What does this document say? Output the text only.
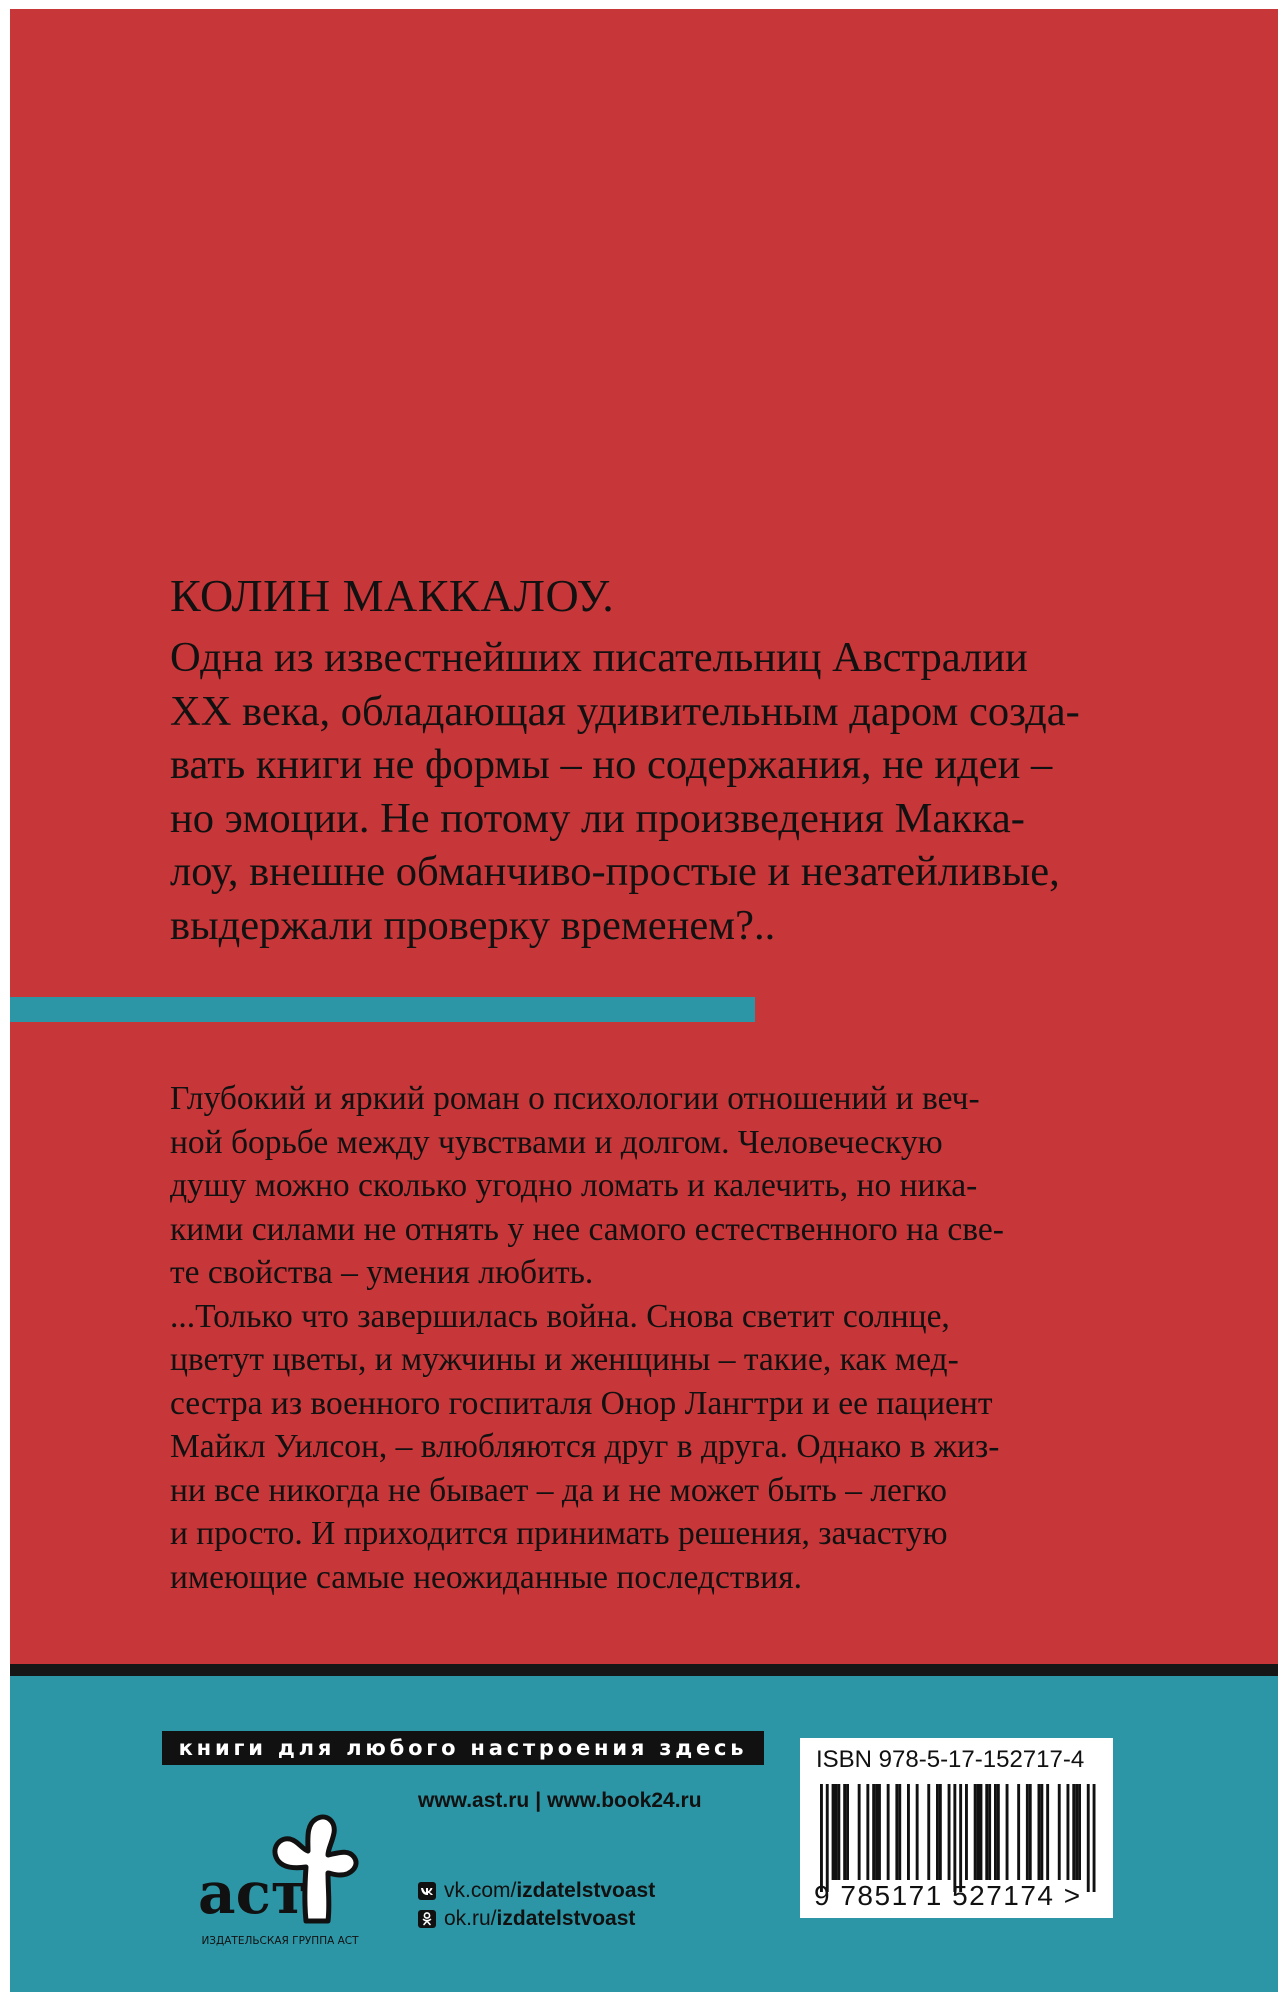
КОЛИН МАККАЛОУ.
Одна из известнейших писательниц Австралии
XX века, обладающая удивительным даром созда-
вать книги не формы – но содержания, не идеи –
но эмоции. Не потому ли произведения Макка-
лоу, внешне обманчиво-простые и незатейливые,
выдержали проверку временем?..
Глубокий и яркий роман о психологии отношений и веч-
ной борьбе между чувствами и долгом. Человеческую
душу можно сколько угодно ломать и калечить, но ника-
кими силами не отнять у нее самого естественного на све-
те свойства – умения любить.
...Только что завершилась война. Снова светит солнце,
цветут цветы, и мужчины и женщины – такие, как мед-
сестра из военного госпиталя Онор Лангтри и ее пациент
Майкл Уилсон, – влюбляются друг в друга. Однако в жиз-
ни все никогда не бывает – да и не может быть – легко
и просто. И приходится принимать решения, зачастую
имеющие самые неожиданные последствия.
книги для любого настроения здесь
аст
ИЗДАТЕЛЬСКАЯ ГРУППА АСТ
www.ast.ru | www.book24.ru
vk.com/ izdatelstvoast
ok.ru/ izdatelstvoast
ISBN 978-5-17-152717-4
9 785171 527174 >
